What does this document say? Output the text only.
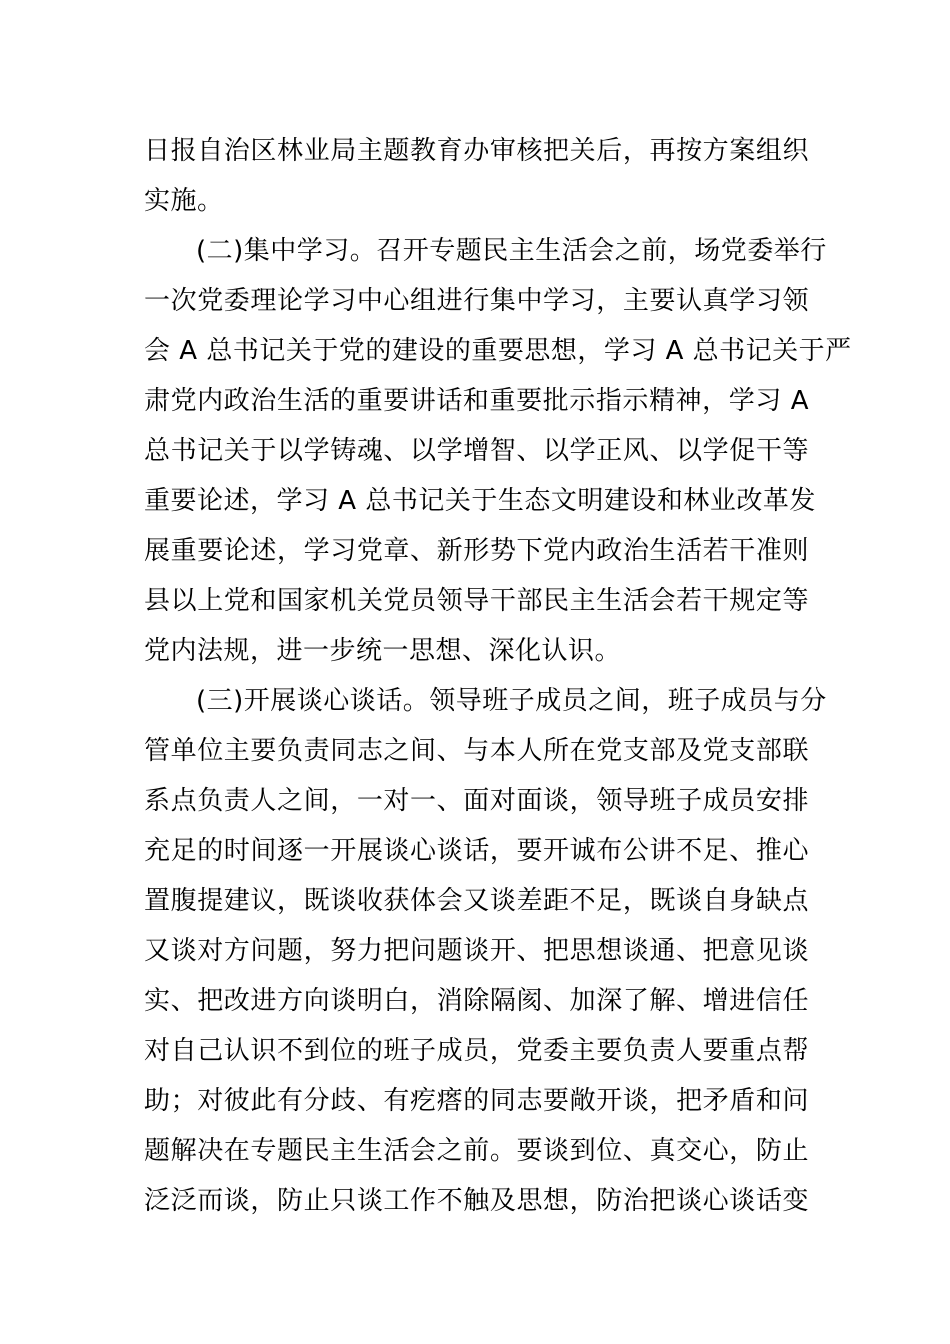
日报自治区林业局主题教育办审核把关后，再按方案组织
实施。
(二)集中学习。召开专题民主生活会之前，场党委举行
一次党委理论学习中心组进行集中学习，主要认真学习领
会 A 总书记关于党的建设的重要思想，学习 A 总书记关于严
肃党内政治生活的重要讲话和重要批示指示精神，学习 A
总书记关于以学铸魂、以学增智、以学正风、以学促干等
重要论述，学习 A 总书记关于生态文明建设和林业改革发
展重要论述，学习党章、新形势下党内政治生活若干准则
县以上党和国家机关党员领导干部民主生活会若干规定等
党内法规，进一步统一思想、深化认识。
(三)开展谈心谈话。领导班子成员之间，班子成员与分
管单位主要负责同志之间、与本人所在党支部及党支部联
系点负责人之间，一对一、面对面谈，领导班子成员安排
充足的时间逐一开展谈心谈话，要开诚布公讲不足、推心
置腹提建议，既谈收获体会又谈差距不足，既谈自身缺点
又谈对方问题，努力把问题谈开、把思想谈通、把意见谈
实、把改进方向谈明白，消除隔阂、加深了解、增进信任
对自己认识不到位的班子成员，党委主要负责人要重点帮
助；对彼此有分歧、有疙瘩的同志要敞开谈，把矛盾和问
题解决在专题民主生活会之前。要谈到位、真交心，防止
泛泛而谈，防止只谈工作不触及思想，防治把谈心谈话变
